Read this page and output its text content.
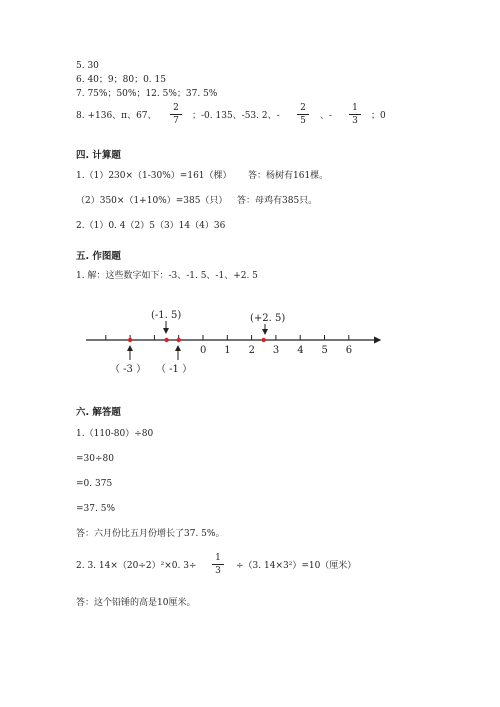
5. 30
6. 40；9；80；0. 15
7. 75%；50%；12. 5%；37. 5%
8. +136、π、67、
2
7	；-0. 135、-53. 2、-
2
5	、-
1
3	；0
四. 计算题
1.（1）230×（1-30%）=161（棵） 答：杨树有161棵。
（2）350×（1+10%）=385（只） 答：母鸡有385只。
2.（1）0. 4（2）5（3）14（4）36
五. 作图题
1. 解：这些数字如下：-3、-1. 5、-1、+2. 5
0 1 2 3 4 5 6
(-1. 5)	(+2. 5)
（ -3 ） （ -1 ）
六. 解答题
1.（110-80）÷80
=30÷80
=0. 375
=37. 5%
答：六月份比五月份增长了37. 5%。
2. 3. 14×（20÷2）²×0. 3÷
1
3	÷（3. 14×3²）=10（厘米）
答：这个铅锤的高是10厘米。
